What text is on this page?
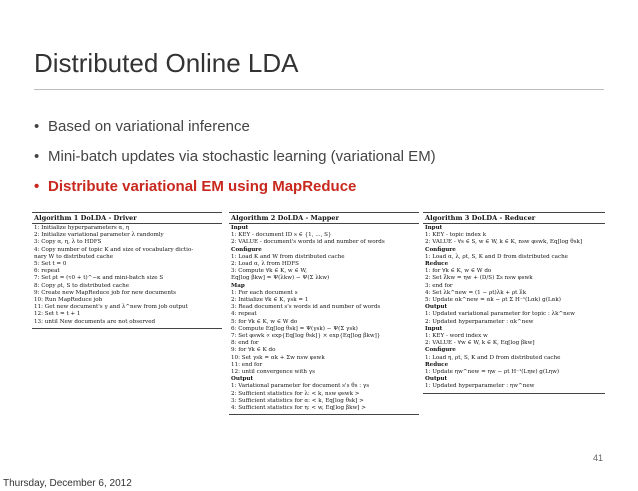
Distributed Online LDA
• Based on variational inference
• Mini-batch updates via stochastic learning (variational EM)
• Distribute variational EM using MapReduce
Algorithm 1 DoLDA - Driver
1: Initialize hyperparameters α, η
2: Initialize variational parameter λ randomly
3: Copy α, η, λ to HDFS
4: Copy number of topic K and size of vocabulary dictio-
nary W to distributed cache
5: Set t = 0
6: repeat
7: Set ρt = (τ0 + t)^−κ and mini-batch size S
8: Copy ρt, S to distributed cache
9: Create new MapReduce job for new documents
10: Run MapReduce job
11: Get new document's γ and λ^new from job output
12: Set t = t + 1
13: until New documents are not observed
Algorithm 2 DoLDA - Mapper
Input
1: KEY - document ID s ∈ {1, ..., S}
2: VALUE - document's words id and number of words
Configure
1: Load K and W from distributed cache
2: Load α, λ from HDFS
3: Compute ∀k ∈ K, w ∈ W,
Eq[log βkw] = Ψ(λkw) − Ψ(Σ λkw)
Map
1: For each document s
2: Initialize ∀k ∈ K, γsk = 1
3: Read document s's words id and number of words
4: repeat
5: for ∀k ∈ K, w ∈ W do
6: Compute Eq[log θsk] = Ψ(γsk) − Ψ(Σ γsk)
7: Set φswk ∝ exp{Eq[log θsk]} × exp{Eq[log βkw]}
8: end for
9: for ∀k ∈ K do
10: Set γsk = αk + Σw nsw φswk
11: end for
12: until convergence with γs
Output
1: Variational parameter for document s's θs : γs
2: Sufficient statistics for λ: < k, nsw φswk >
3: Sufficient statistics for α: < k, Eq[log θsk] >
4: Sufficient statistics for η: < w, Eq[log βkw] >
Algorithm 3 DoLDA - Reducer
Input
1: KEY - topic index k
2: VALUE - ∀s ∈ S, w ∈ W, k ∈ K, nsw φswk, Eq[log θsk]
Configure
1: Load α, λ, ρt, S, K and D from distributed cache
Reduce
1: for ∀k ∈ K, w ∈ W do
2: Set λ̂kw = ηw + (D/S) Σs nsw φswk
3: end for
4: Set λk^new = (1 − ρt)λk + ρt λ̂k
5: Update αk^new = αk − ρt Σ H⁻¹(Lαk) g(Lαk)
Output
1: Updated variational parameter for topic : λk^new
2: Updated hyperparameter : αk^new
Input
1: KEY - word index w
2: VALUE - ∀w ∈ W, k ∈ K, Eq[log βkw]
Configure
1: Load η, ρt, S, K and D from distributed cache
Reduce
1: Update ηw^new = ηw − ρt H⁻¹(Lηw) g(Lηw)
Output
1: Updated hyperparameter : ηw^new
41
Thursday, December 6, 2012
